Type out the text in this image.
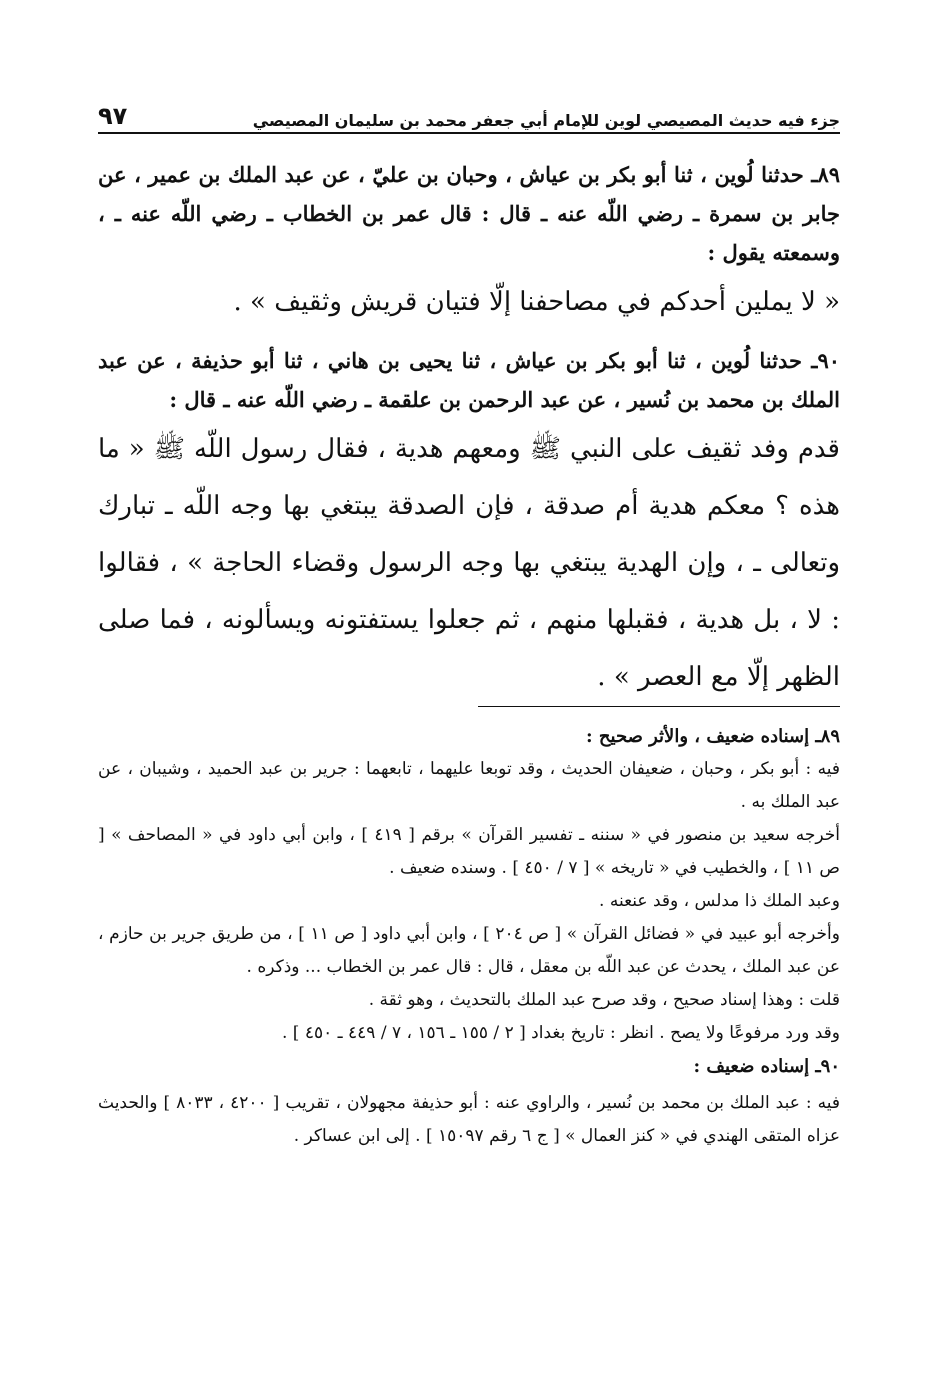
جزء فيه حديث المصيصي لوين للإمام أبي جعفر محمد بن سليمان المصيصي
٩٧

٨٩ـ حدثنا لُوين ، ثنا أبو بكر بن عياش ، وحبان بن عليّ ، عن عبد الملك بن عمير ، عن جابر بن سمرة ـ رضي اللّه عنه ـ قال : قال عمر بن الخطاب ـ رضي اللّه عنه ـ ، وسمعته يقول :

« لا يملين أحدكم في مصاحفنا إلّا فتيان قريش وثقيف » .

٩٠ـ حدثنا لُوين ، ثنا أبو بكر بن عياش ، ثنا يحيى بن هاني ، ثنا أبو حذيفة ، عن عبد الملك بن محمد بن نُسير ، عن عبد الرحمن بن علقمة ـ رضي اللّه عنه ـ قال :

قدم وفد ثقيف على النبي ﷺ ومعهم هدية ، فقال رسول اللّه ﷺ « ما هذه ؟ معكم هدية أم صدقة ، فإن الصدقة يبتغي بها وجه اللّه ـ تبارك وتعالى ـ ، وإن الهدية يبتغي بها وجه الرسول وقضاء الحاجة » ، فقالوا : لا ، بل هدية ، فقبلها منهم ، ثم جعلوا يستفتونه ويسألونه ، فما صلى الظهر إلّا مع العصر » .

٨٩ـ إسناده ضعيف ، والأثر صحيح :

فيه : أبو بكر ، وحبان ، ضعيفان الحديث ، وقد توبعا عليهما ، تابعهما : جرير بن عبد الحميد ، وشيبان ، عن عبد الملك به .

أخرجه سعيد بن منصور في « سننه ـ تفسير القرآن » برقم [ ٤١٩ ] ، وابن أبي داود في « المصاحف » [ ص ١١ ] ، والخطيب في « تاريخه » [ ٧ / ٤٥٠ ] . وسنده ضعيف .

وعبد الملك ذا مدلس ، وقد عنعنه .

وأخرجه أبو عبيد في « فضائل القرآن » [ ص ٢٠٤ ] ، وابن أبي داود [ ص ١١ ] ، من طريق جرير بن حازم ، عن عبد الملك ، يحدث عن عبد اللّه بن معقل ، قال : قال عمر بن الخطاب ... وذكره .

قلت : وهذا إسناد صحيح ، وقد صرح عبد الملك بالتحديث ، وهو ثقة .

وقد ورد مرفوعًا ولا يصح . انظر : تاريخ بغداد [ ٢ / ١٥٥ ـ ١٥٦ ، ٧ / ٤٤٩ ـ ٤٥٠ ] .

٩٠ـ إسناده ضعيف :

فيه : عبد الملك بن محمد بن نُسير ، والراوي عنه : أبو حذيفة مجهولان ، تقريب [ ٤٢٠٠ ، ٨٠٣٣ ] والحديث عزاه المتقى الهندي في « كنز العمال » [ ج ٦ رقم ١٥٠٩٧ ] . إلى ابن عساكر .
